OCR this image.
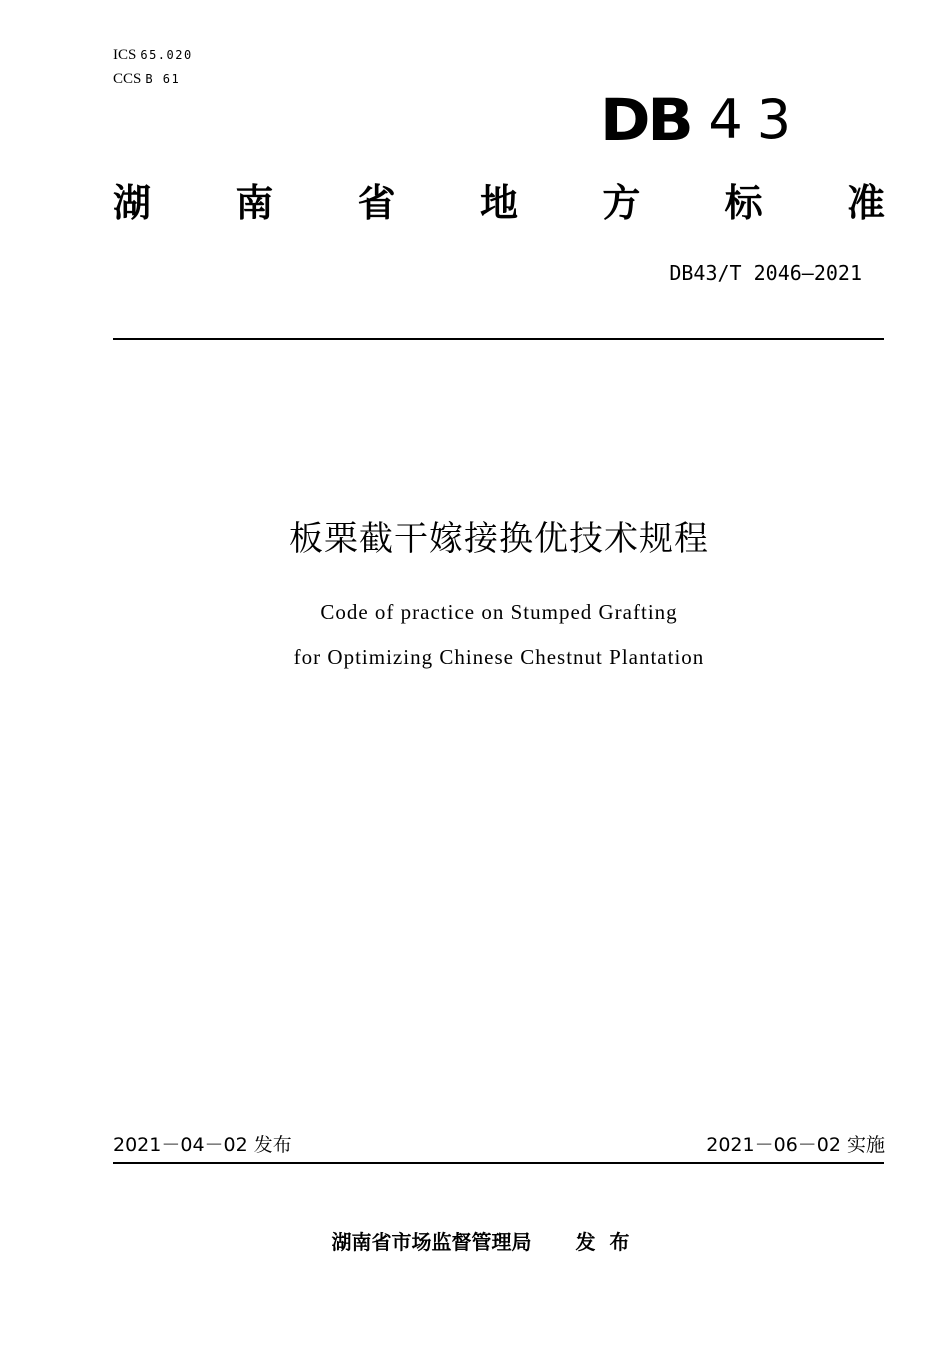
ICS 65.020
CCS B 61
DB 43
湖 南 省 地 方 标 准
DB43/T 2046—2021
板栗截干嫁接换优技术规程
Code of practice on Stumped Grafting
for Optimizing Chinese Chestnut Plantation
2021－04－02 发布	2021－06－02 实施
湖南省市场监督管理局 发布
